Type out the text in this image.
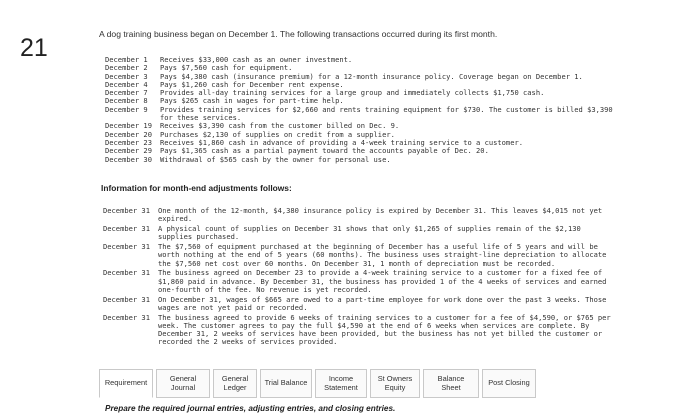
21	A dog training business began on December 1. The following transactions occurred during its first month.
December 1	Receives $33,000 cash as an owner investment.
December 2	Pays $7,560 cash for equipment.
December 3	Pays $4,380 cash (insurance premium) for a 12-month insurance policy. Coverage began on December 1.
December 4	Pays $1,260 cash for December rent expense.
December 7	Provides all-day training services for a large group and immediately collects $1,750 cash.
December 8	Pays $265 cash in wages for part-time help.
December 9	Provides training services for $2,660 and rents training equipment for $730. The customer is billed $3,390
for these services.
December 19	Receives $3,390 cash from the customer billed on Dec. 9.
December 20	Purchases $2,130 of supplies on credit from a supplier.
December 23	Receives $1,860 cash in advance of providing a 4-week training service to a customer.
December 29	Pays $1,365 cash as a partial payment toward the accounts payable of Dec. 20.
December 30	Withdrawal of $565 cash by the owner for personal use.
Information for month-end adjustments follows:
December 31	One month of the 12-month, $4,380 insurance policy is expired by December 31. This leaves $4,015 not yet
expired.
December 31	A physical count of supplies on December 31 shows that only $1,265 of supplies remain of the $2,130
supplies purchased.
December 31	The $7,560 of equipment purchased at the beginning of December has a useful life of 5 years and will be
worth nothing at the end of 5 years (60 months). The business uses straight-line depreciation to allocate
the $7,560 net cost over 60 months. On December 31, 1 month of depreciation must be recorded.
December 31	The business agreed on December 23 to provide a 4-week training service to a customer for a fixed fee of
$1,860 paid in advance. By December 31, the business has provided 1 of the 4 weeks of services and earned
one-fourth of the fee. No revenue is yet recorded.
December 31	On December 31, wages of $665 are owed to a part-time employee for work done over the past 3 weeks. Those
wages are not yet paid or recorded.
December 31	The business agreed to provide 6 weeks of training services to a customer for a fee of $4,590, or $765 per
week. The customer agrees to pay the full $4,590 at the end of 6 weeks when services are complete. By
December 31, 2 weeks of services have been provided, but the business has not yet billed the customer or
recorded the 2 weeks of services provided.
Requirement	General Journal
General Ledger	Trial Balance	Income Statement
St Owners Equity
Balance Sheet	Post Closing
Prepare the required journal entries, adjusting entries, and closing entries.
